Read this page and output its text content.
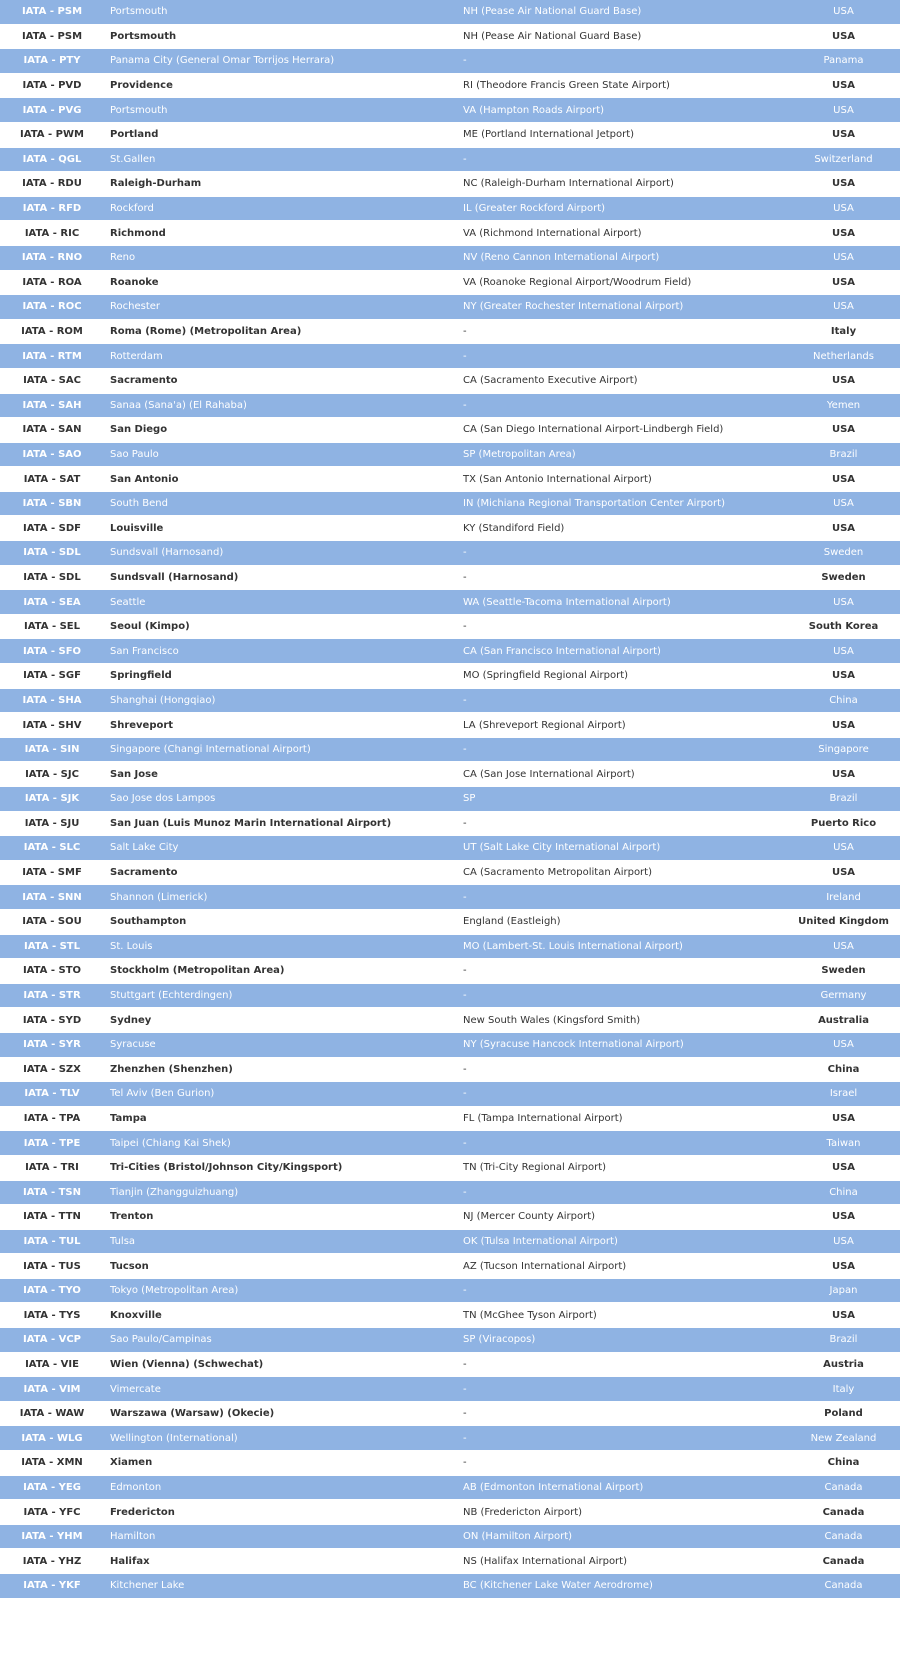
IATA - PSM	Portsmouth	NH (Pease Air National Guard Base)	USA
IATA - PSM	Portsmouth	NH (Pease Air National Guard Base)	USA
IATA - PTY	Panama City (General Omar Torrijos Herrara)	-	Panama
IATA - PVD	Providence	RI (Theodore Francis Green State Airport)	USA
IATA - PVG	Portsmouth	VA (Hampton Roads Airport)	USA
IATA - PWM	Portland	ME (Portland International Jetport)	USA
IATA - QGL	St.Gallen	-	Switzerland
IATA - RDU	Raleigh-Durham	NC (Raleigh-Durham International Airport)	USA
IATA - RFD	Rockford	IL (Greater Rockford Airport)	USA
IATA - RIC	Richmond	VA (Richmond International Airport)	USA
IATA - RNO	Reno	NV (Reno Cannon International Airport)	USA
IATA - ROA	Roanoke	VA (Roanoke Regional Airport/Woodrum Field)	USA
IATA - ROC	Rochester	NY (Greater Rochester International Airport)	USA
IATA - ROM	Roma (Rome) (Metropolitan Area)	-	Italy
IATA - RTM	Rotterdam	-	Netherlands
IATA - SAC	Sacramento	CA (Sacramento Executive Airport)	USA
IATA - SAH	Sanaa (Sana'a) (El Rahaba)	-	Yemen
IATA - SAN	San Diego	CA (San Diego International Airport-Lindbergh Field)	USA
IATA - SAO	Sao Paulo	SP (Metropolitan Area)	Brazil
IATA - SAT	San Antonio	TX (San Antonio International Airport)	USA
IATA - SBN	South Bend	IN (Michiana Regional Transportation Center Airport)	USA
IATA - SDF	Louisville	KY (Standiford Field)	USA
IATA - SDL	Sundsvall (Harnosand)	-	Sweden
IATA - SDL	Sundsvall (Harnosand)	-	Sweden
IATA - SEA	Seattle	WA (Seattle-Tacoma International Airport)	USA
IATA - SEL	Seoul (Kimpo)	-	South Korea
IATA - SFO	San Francisco	CA (San Francisco International Airport)	USA
IATA - SGF	Springfield	MO (Springfield Regional Airport)	USA
IATA - SHA	Shanghai (Hongqiao)	-	China
IATA - SHV	Shreveport	LA (Shreveport Regional Airport)	USA
IATA - SIN	Singapore (Changi International Airport)	-	Singapore
IATA - SJC	San Jose	CA (San Jose International Airport)	USA
IATA - SJK	Sao Jose dos Lampos	SP	Brazil
IATA - SJU	San Juan (Luis Munoz Marin International Airport)	-	Puerto Rico
IATA - SLC	Salt Lake City	UT (Salt Lake City International Airport)	USA
IATA - SMF	Sacramento	CA (Sacramento Metropolitan Airport)	USA
IATA - SNN	Shannon (Limerick)	-	Ireland
IATA - SOU	Southampton	England (Eastleigh)	United Kingdom
IATA - STL	St. Louis	MO (Lambert-St. Louis International Airport)	USA
IATA - STO	Stockholm (Metropolitan Area)	-	Sweden
IATA - STR	Stuttgart (Echterdingen)	-	Germany
IATA - SYD	Sydney	New South Wales (Kingsford Smith)	Australia
IATA - SYR	Syracuse	NY (Syracuse Hancock International Airport)	USA
IATA - SZX	Zhenzhen (Shenzhen)	-	China
IATA - TLV	Tel Aviv (Ben Gurion)	-	Israel
IATA - TPA	Tampa	FL (Tampa International Airport)	USA
IATA - TPE	Taipei (Chiang Kai Shek)	-	Taiwan
IATA - TRI	Tri-Cities (Bristol/Johnson City/Kingsport)	TN (Tri-City Regional Airport)	USA
IATA - TSN	Tianjin (Zhangguizhuang)	-	China
IATA - TTN	Trenton	NJ (Mercer County Airport)	USA
IATA - TUL	Tulsa	OK (Tulsa International Airport)	USA
IATA - TUS	Tucson	AZ (Tucson International Airport)	USA
IATA - TYO	Tokyo (Metropolitan Area)	-	Japan
IATA - TYS	Knoxville	TN (McGhee Tyson Airport)	USA
IATA - VCP	Sao Paulo/Campinas	SP (Viracopos)	Brazil
IATA - VIE	Wien (Vienna) (Schwechat)	-	Austria
IATA - VIM	Vimercate	-	Italy
IATA - WAW	Warszawa (Warsaw) (Okecie)	-	Poland
IATA - WLG	Wellington (International)	-	New Zealand
IATA - XMN	Xiamen	-	China
IATA - YEG	Edmonton	AB (Edmonton International Airport)	Canada
IATA - YFC	Fredericton	NB (Fredericton Airport)	Canada
IATA - YHM	Hamilton	ON (Hamilton Airport)	Canada
IATA - YHZ	Halifax	NS (Halifax International Airport)	Canada
IATA - YKF	Kitchener Lake	BC (Kitchener Lake Water Aerodrome)	Canada
